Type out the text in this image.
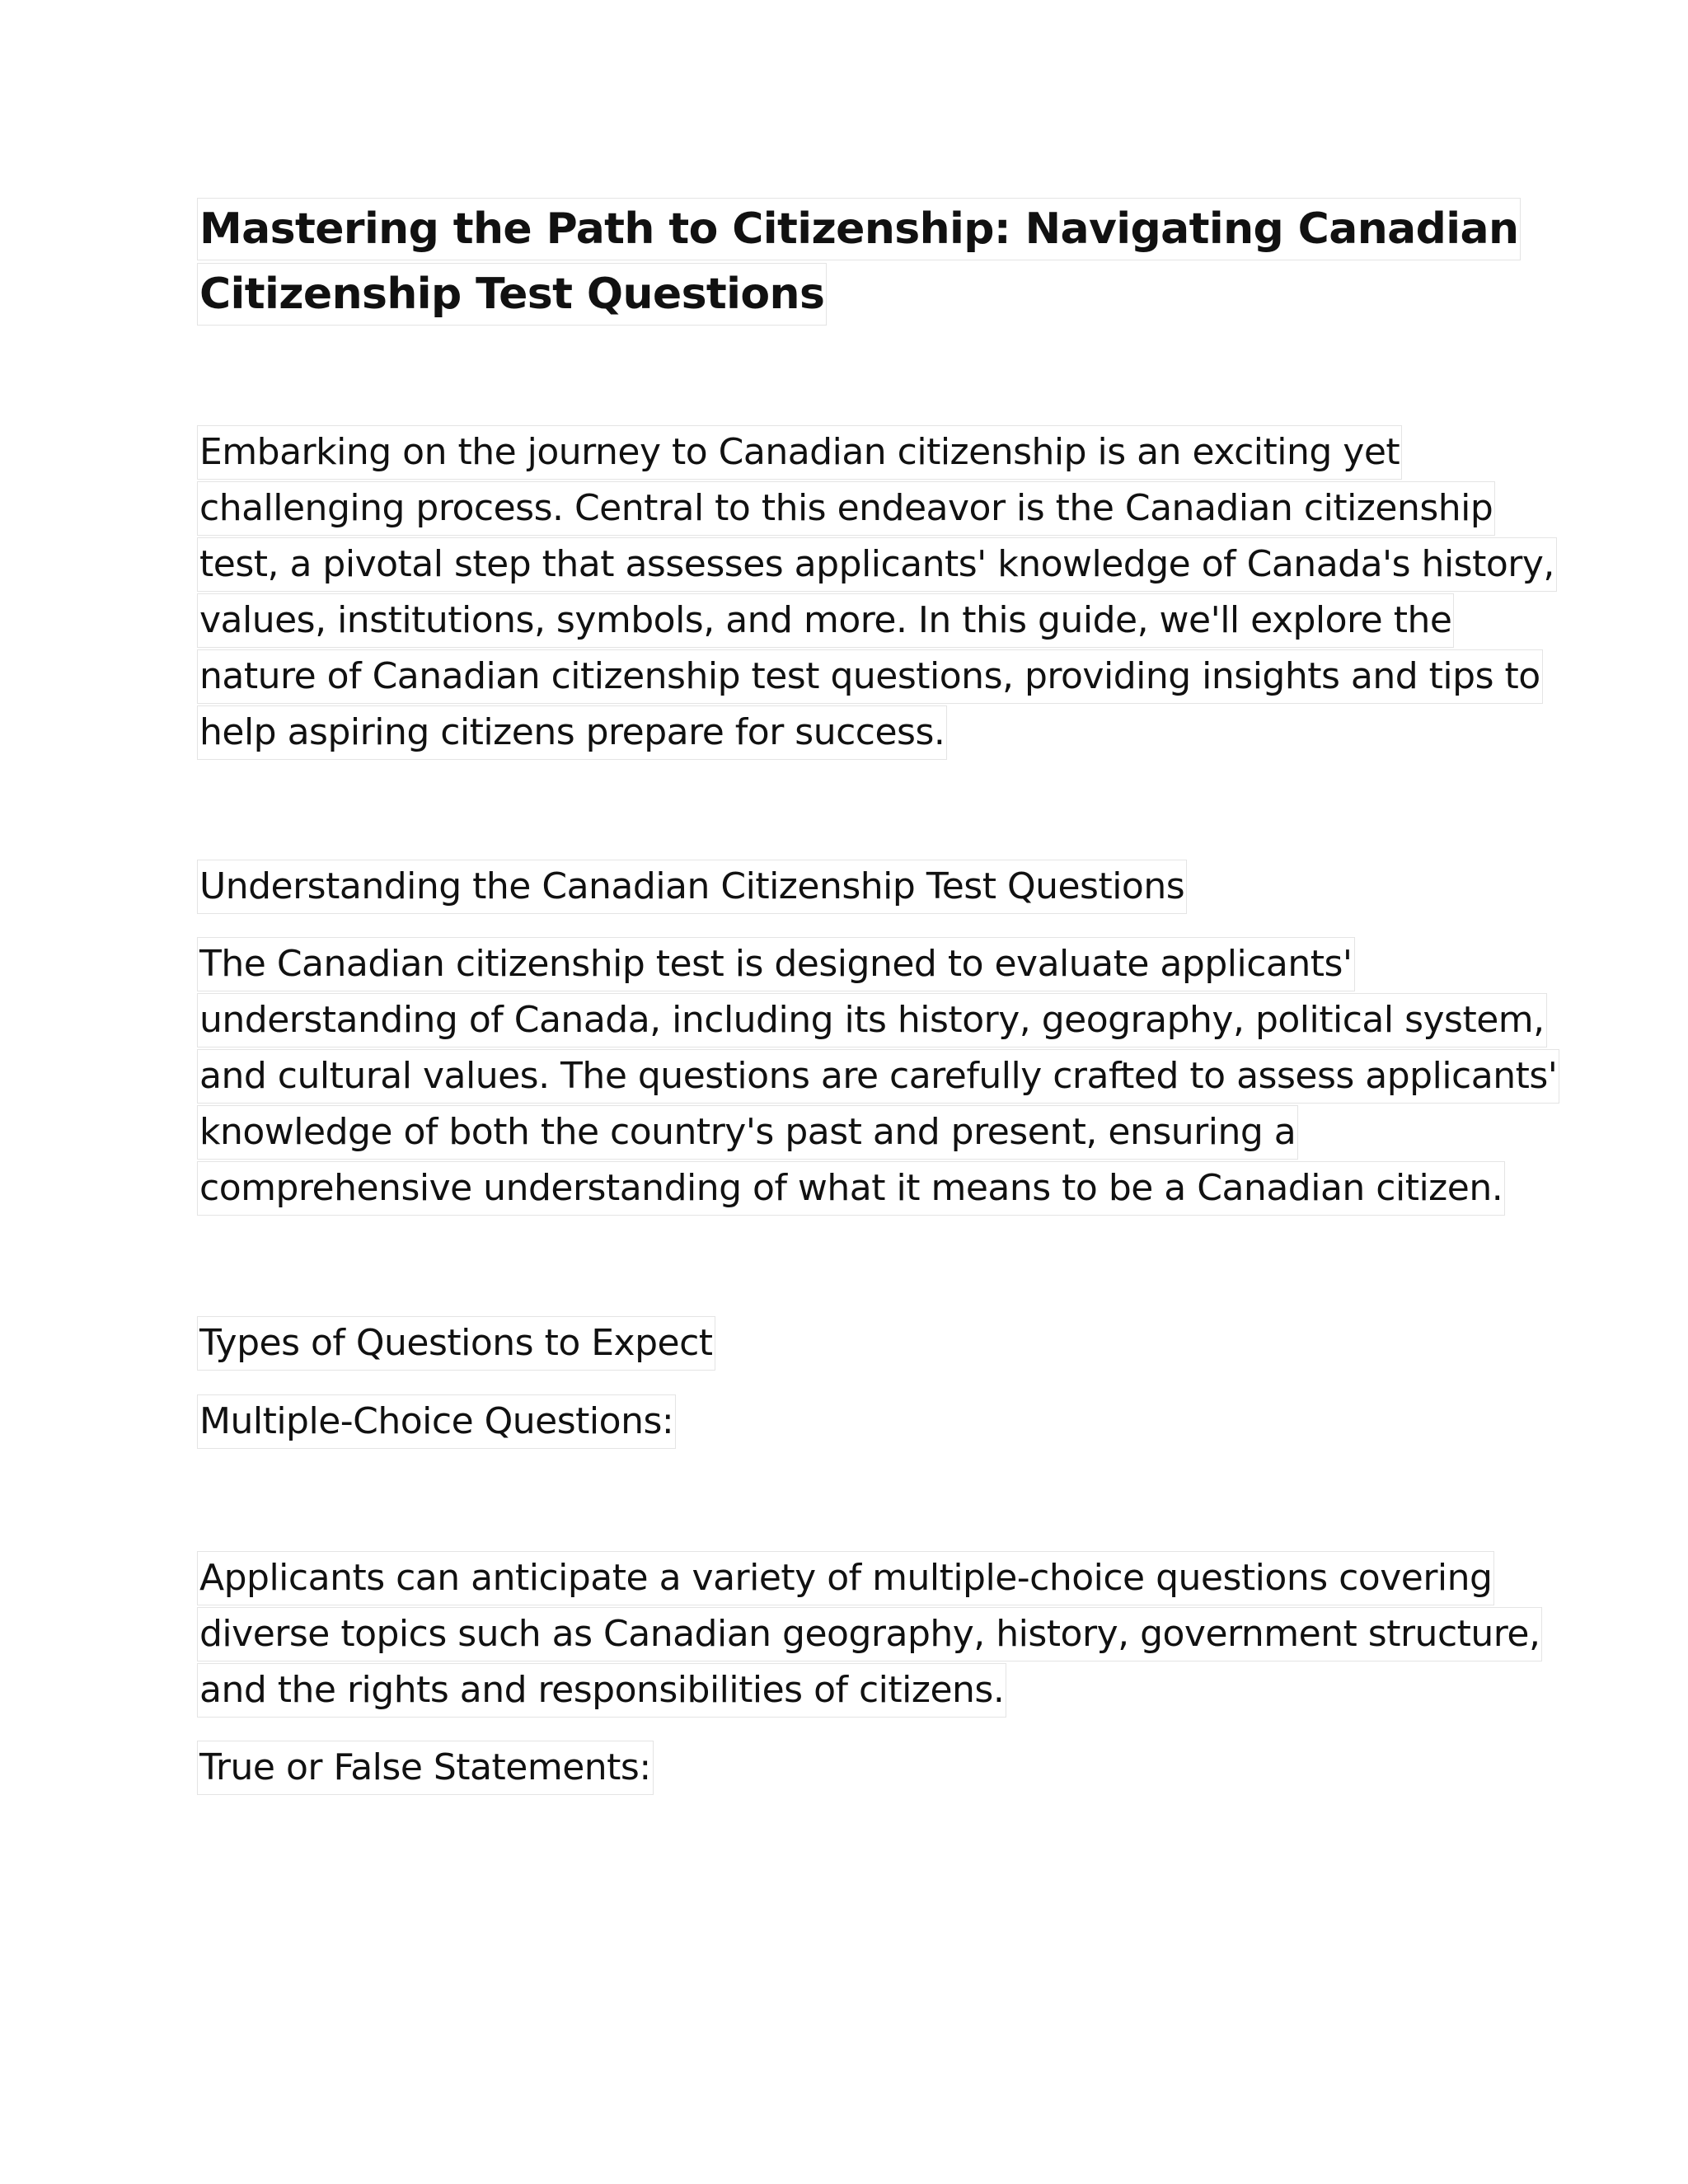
Mastering the Path to Citizenship: Navigating Canadian
Citizenship Test Questions
Embarking on the journey to Canadian citizenship is an exciting yet
challenging process. Central to this endeavor is the Canadian citizenship
test, a pivotal step that assesses applicants' knowledge of Canada's history,
values, institutions, symbols, and more. In this guide, we'll explore the
nature of Canadian citizenship test questions, providing insights and tips to
help aspiring citizens prepare for success.
Understanding the Canadian Citizenship Test Questions
The Canadian citizenship test is designed to evaluate applicants'
understanding of Canada, including its history, geography, political system,
and cultural values. The questions are carefully crafted to assess applicants'
knowledge of both the country's past and present, ensuring a
comprehensive understanding of what it means to be a Canadian citizen.
Types of Questions to Expect
Multiple-Choice Questions:
Applicants can anticipate a variety of multiple-choice questions covering
diverse topics such as Canadian geography, history, government structure,
and the rights and responsibilities of citizens.
True or False Statements:
